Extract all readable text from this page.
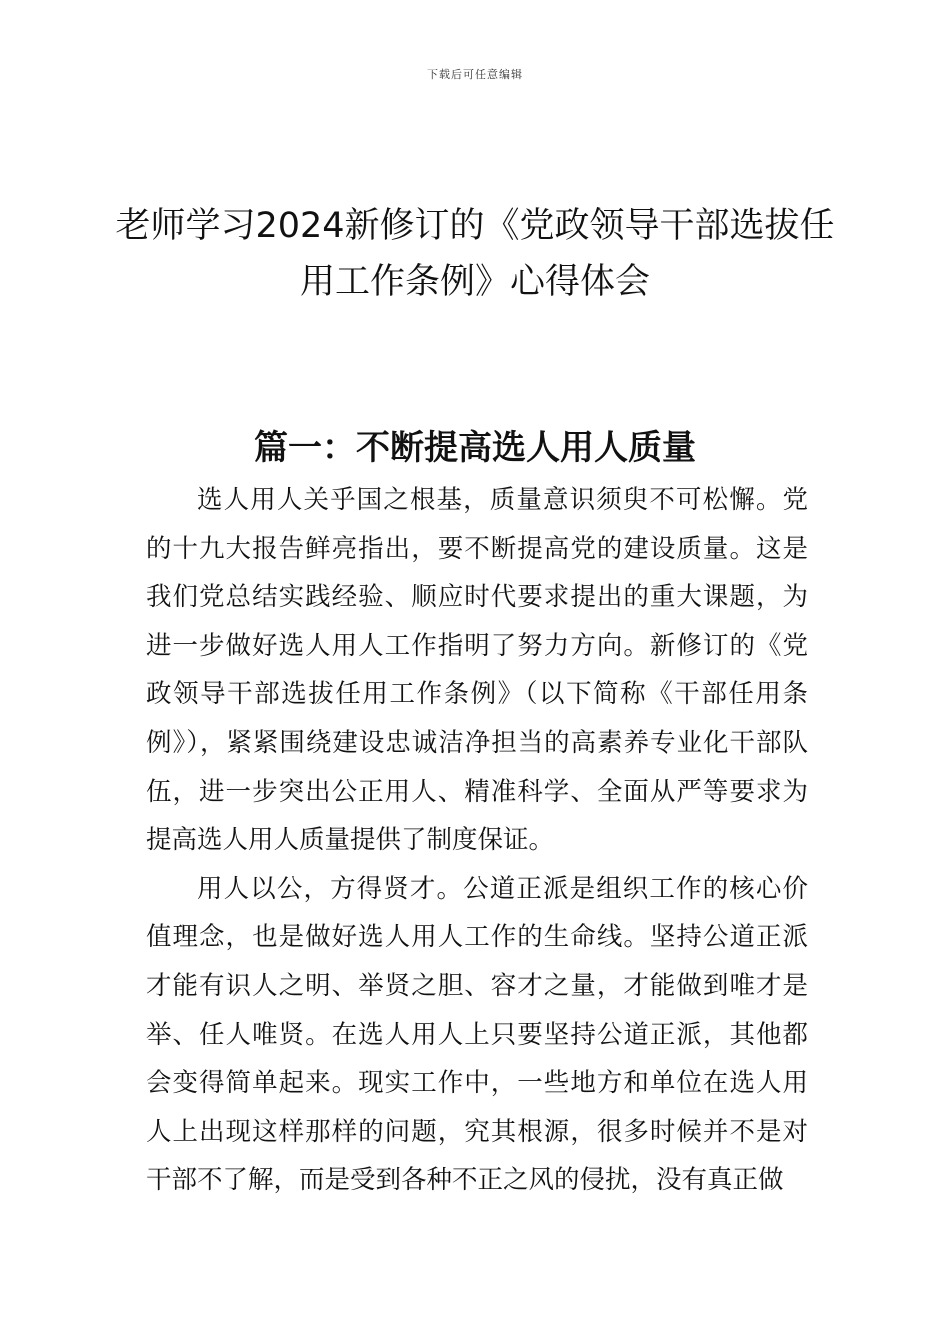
下载后可任意编辑
老师学习2024新修订的《党政领导干部选拔任用工作条例》心得体会
篇一：不断提高选人用人质量

选人用人关乎国之根基，质量意识须臾不可松懈。党的十九大报告鲜亮指出，要不断提高党的建设质量。这是我们党总结实践经验、顺应时代要求提出的重大课题，为进一步做好选人用人工作指明了努力方向。新修订的《党政领导干部选拔任用工作条例》（以下简称《干部任用条例》），紧紧围绕建设忠诚洁净担当的高素养专业化干部队伍，进一步突出公正用人、精准科学、全面从严等要求为提高选人用人质量提供了制度保证。

用人以公，方得贤才。公道正派是组织工作的核心价值理念，也是做好选人用人工作的生命线。坚持公道正派才能有识人之明、举贤之胆、容才之量，才能做到唯才是举、任人唯贤。在选人用人上只要坚持公道正派，其他都会变得简单起来。现实工作中，一些地方和单位在选人用人上出现这样那样的问题，究其根源，很多时候并不是对干部不了解，而是受到各种不正之风的侵扰，没有真正做
